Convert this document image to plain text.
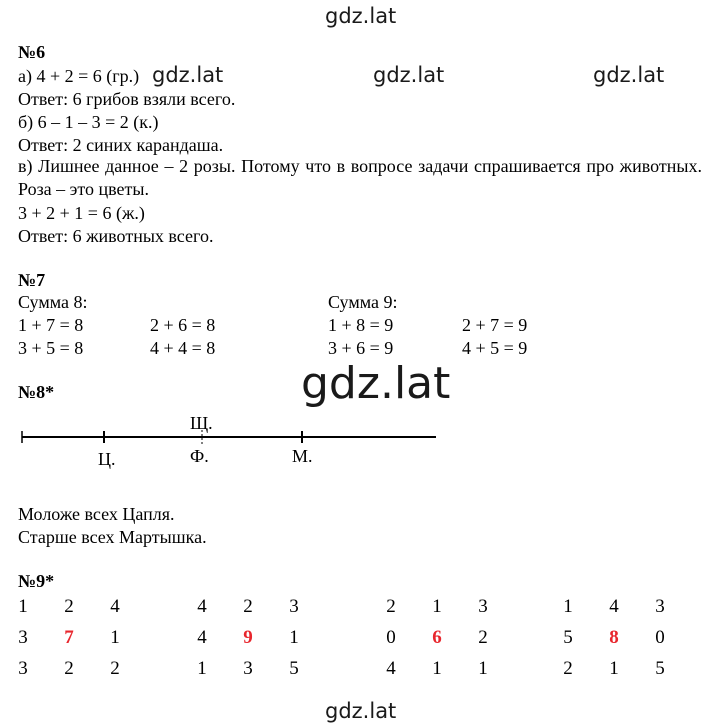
gdz.lat
gdz.lat	gdz.lat	gdz.lat
gdz.lat
gdz.lat
№6
а) 4 + 2 = 6 (гр.)
Ответ: 6 грибов взяли всего.
б) 6 – 1 – 3 = 2 (к.)
Ответ: 2 синих карандаша.
в) Лишнее данное – 2 розы. Потому что в вопросе задачи спрашивается про животных. Роза – это цветы.
3 + 2 + 1 = 6 (ж.)
Ответ: 6 животных всего.
№7
Сумма 8:	Сумма 9:
1 + 7 = 8	2 + 6 = 8
3 + 5 = 8	4 + 4 = 8
1 + 8 = 9	2 + 7 = 9
3 + 6 = 9	4 + 5 = 9
№8*
Щ.
Ц.	Ф.	М.
Моложе всех Цапля.
Старше всех Мартышка.
№9*
1 2 4
3 7 1
3 2 2
4 2 3
4 9 1
1 3 5
2 1 3
0 6 2
4 1 1
1 4 3
5 8 0
2 1 5
